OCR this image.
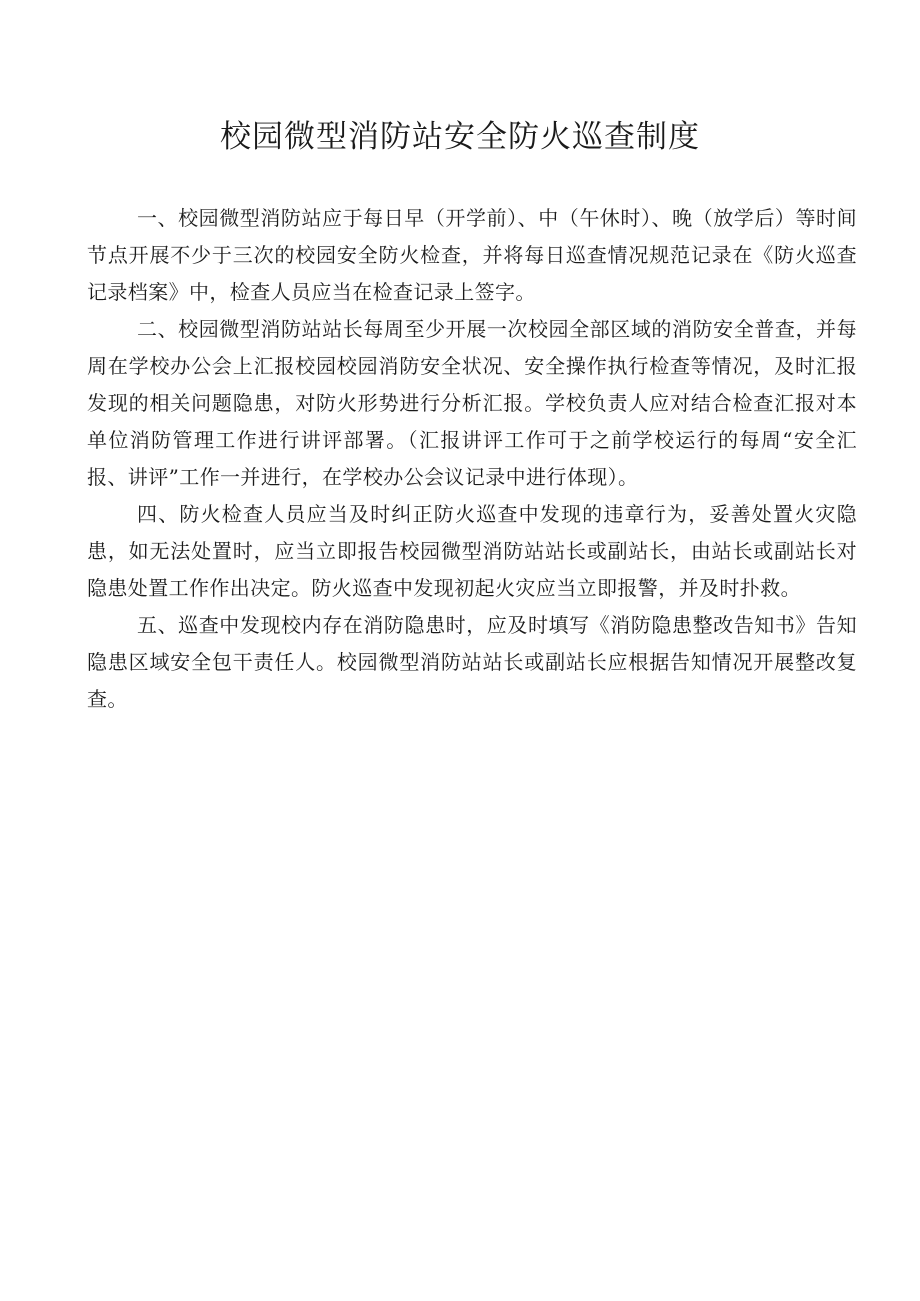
校园微型消防站安全防火巡查制度

一、校园微型消防站应于每日早（开学前）、中（午休时）、晚（放学后）等时间节点开展不少于三次的校园安全防火检查，并将每日巡查情况规范记录在《防火巡查记录档案》中，检查人员应当在检查记录上签字。

二、校园微型消防站站长每周至少开展一次校园全部区域的消防安全普查，并每周在学校办公会上汇报校园校园消防安全状况、安全操作执行检查等情况，及时汇报发现的相关问题隐患，对防火形势进行分析汇报。学校负责人应对结合检查汇报对本单位消防管理工作进行讲评部署。（汇报讲评工作可于之前学校运行的每周“安全汇报、讲评”工作一并进行，在学校办公会议记录中进行体现）。

四、防火检查人员应当及时纠正防火巡查中发现的违章行为，妥善处置火灾隐患，如无法处置时，应当立即报告校园微型消防站站长或副站长，由站长或副站长对隐患处置工作作出决定。防火巡查中发现初起火灾应当立即报警，并及时扑救。

五、巡查中发现校内存在消防隐患时，应及时填写《消防隐患整改告知书》告知隐患区域安全包干责任人。校园微型消防站站长或副站长应根据告知情况开展整改复查。
